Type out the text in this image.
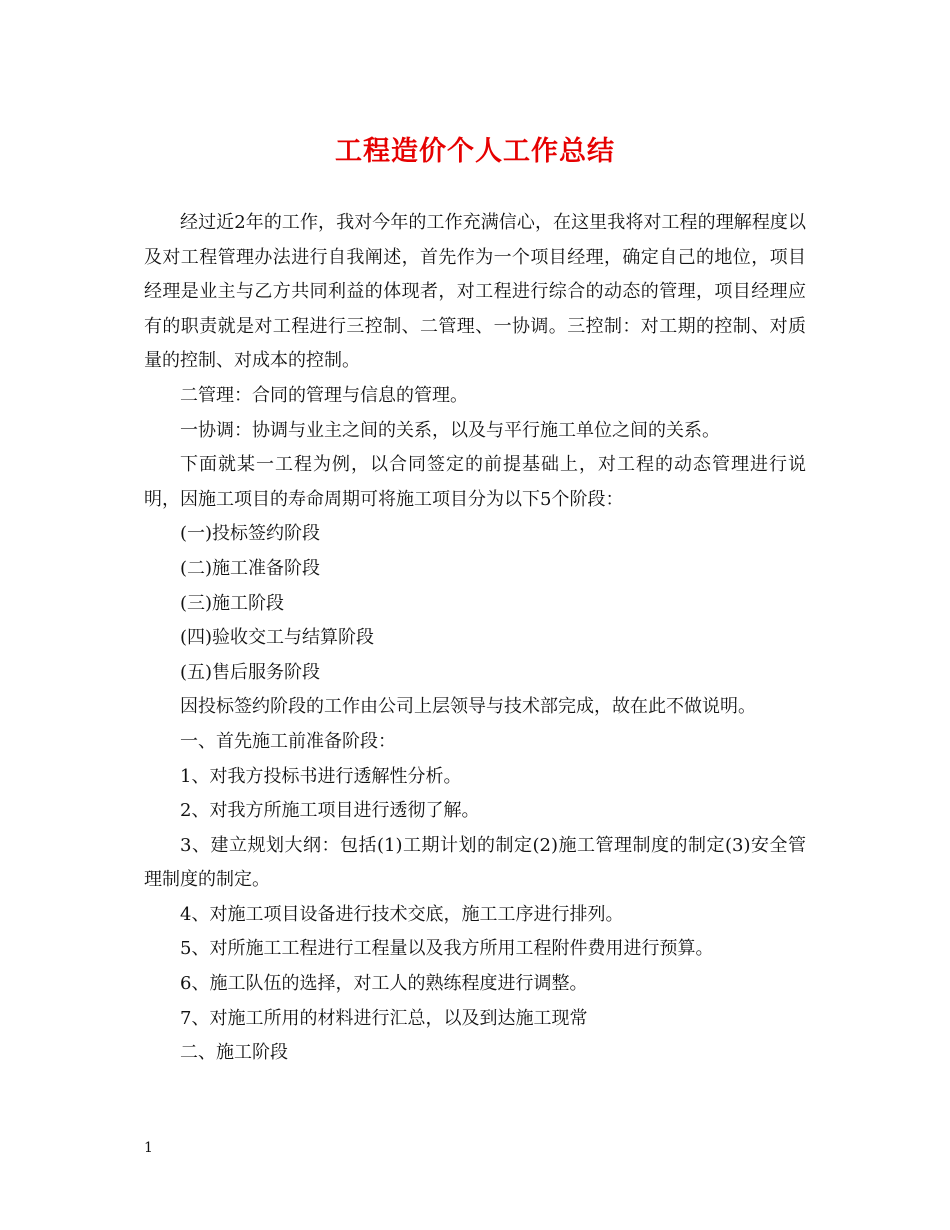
工程造价个人工作总结

经过近2年的工作，我对今年的工作充满信心，在这里我将对工程的理解程度以及对工程管理办法进行自我阐述，首先作为一个项目经理，确定自己的地位，项目经理是业主与乙方共同利益的体现者，对工程进行综合的动态的管理，项目经理应有的职责就是对工程进行三控制、二管理、一协调。三控制：对工期的控制、对质量的控制、对成本的控制。

二管理：合同的管理与信息的管理。

一协调：协调与业主之间的关系，以及与平行施工单位之间的关系。

下面就某一工程为例，以合同签定的前提基础上，对工程的动态管理进行说明，因施工项目的寿命周期可将施工项目分为以下5个阶段：

(一)投标签约阶段

(二)施工准备阶段

(三)施工阶段

(四)验收交工与结算阶段

(五)售后服务阶段

因投标签约阶段的工作由公司上层领导与技术部完成，故在此不做说明。

一、首先施工前准备阶段：

1、对我方投标书进行透解性分析。

2、对我方所施工项目进行透彻了解。

3、建立规划大纲：包括(1)工期计划的制定(2)施工管理制度的制定(3)安全管理制度的制定。

4、对施工项目设备进行技术交底，施工工序进行排列。

5、对所施工工程进行工程量以及我方所用工程附件费用进行预算。

6、施工队伍的选择，对工人的熟练程度进行调整。

7、对施工所用的材料进行汇总，以及到达施工现常

二、施工阶段

1
